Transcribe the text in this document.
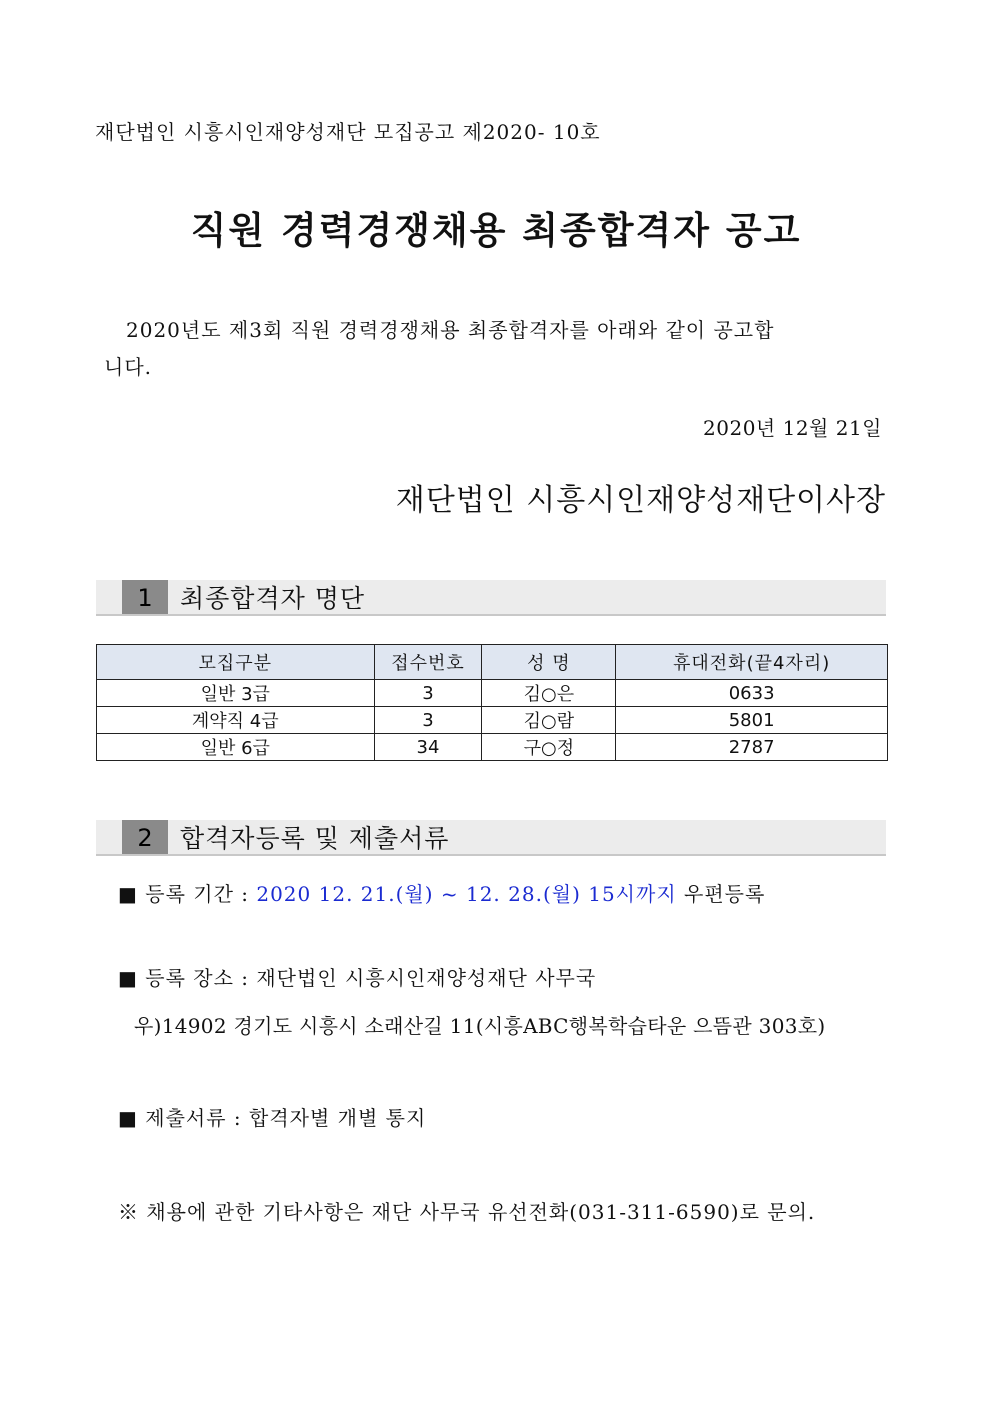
재단법인 시흥시인재양성재단 모집공고 제2020- 10호
직원 경력경쟁채용 최종합격자 공고
2020년도 제3회 직원 경력경쟁채용 최종합격자를 아래와 같이 공고합
니다.
2020년 12월 21일
재단법인 시흥시인재양성재단이사장
1	최종합격자 명단
모집구분	접수번호	성 명	휴대전화(끝4자리)
일반 3급	3	김○은	0633
계약직 4급	3	김○람	5801
일반 6급	34	구○정	2787
2	합격자등록 및 제출서류
■ 등록 기간 : 2020 12. 21.(월) ~ 12. 28.(월) 15시까지 우편등록
■ 등록 장소 : 재단법인 시흥시인재양성재단 사무국
우)14902 경기도 시흥시 소래산길 11(시흥ABC행복학습타운 으뜸관 303호)
■ 제출서류 : 합격자별 개별 통지
※ 채용에 관한 기타사항은 재단 사무국 유선전화(031-311-6590)로 문의.
